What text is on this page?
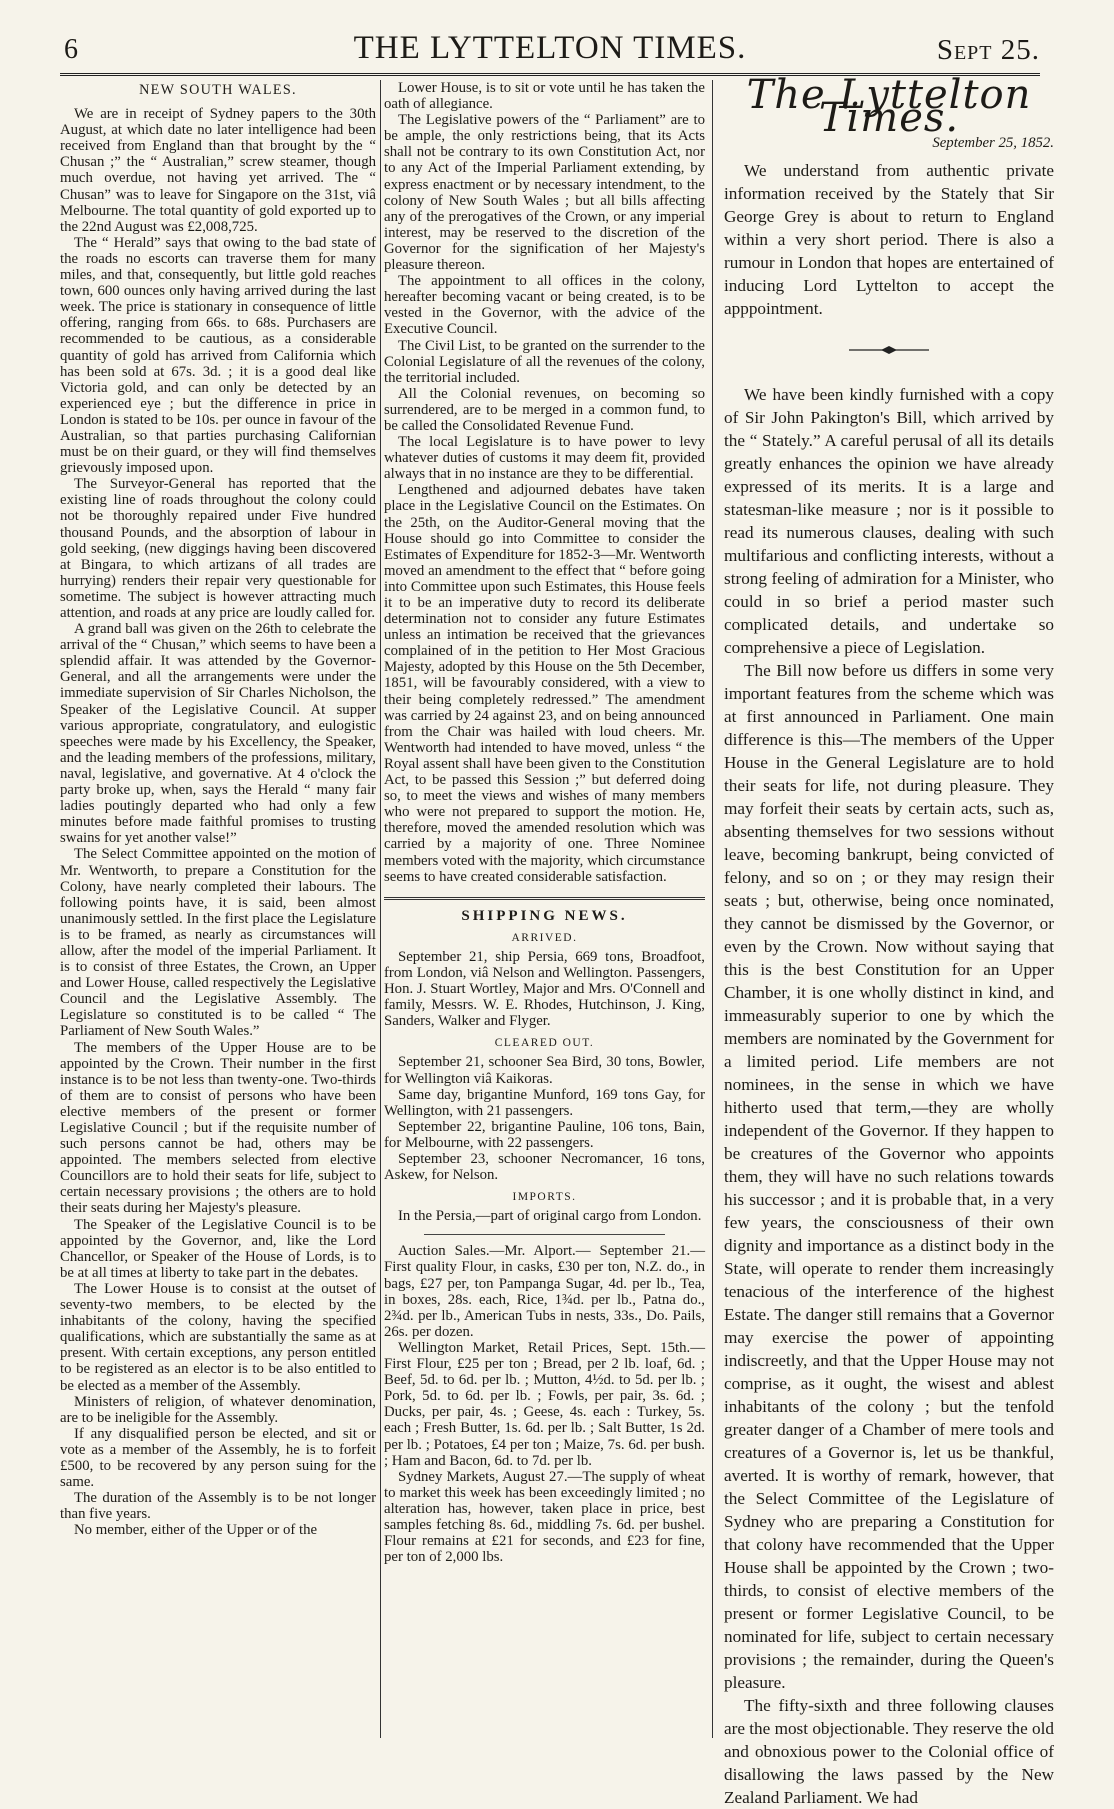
6	THE LYTTELTON TIMES.	Sept 25.
NEW SOUTH WALES.

We are in receipt of Sydney papers to the 30th August, at which date no later intelligence had been received from England than that brought by the “ Chusan ;” the “ Australian,” screw steamer, though much overdue, not having yet arrived. The “ Chusan” was to leave for Singapore on the 31st, viâ Melbourne. The total quantity of gold exported up to the 22nd August was £2,008,725.

The “ Herald” says that owing to the bad state of the roads no escorts can traverse them for many miles, and that, consequently, but little gold reaches town, 600 ounces only having arrived during the last week. The price is stationary in consequence of little offering, ranging from 66s. to 68s. Purchasers are recommended to be cautious, as a considerable quantity of gold has arrived from California which has been sold at 67s. 3d. ; it is a good deal like Victoria gold, and can only be detected by an experienced eye ; but the difference in price in London is stated to be 10s. per ounce in favour of the Australian, so that parties purchasing Californian must be on their guard, or they will find themselves grievously imposed upon.

The Surveyor-General has reported that the existing line of roads throughout the colony could not be thoroughly repaired under Five hundred thousand Pounds, and the absorption of labour in gold seeking, (new diggings having been discovered at Bingara, to which artizans of all trades are hurrying) renders their repair very questionable for sometime. The subject is however attracting much attention, and roads at any price are loudly called for.

A grand ball was given on the 26th to celebrate the arrival of the “ Chusan,” which seems to have been a splendid affair. It was attended by the Governor-General, and all the arrangements were under the immediate supervision of Sir Charles Nicholson, the Speaker of the Legislative Council. At supper various appropriate, congratulatory, and eulogistic speeches were made by his Excellency, the Speaker, and the leading members of the professions, military, naval, legislative, and governative. At 4 o'clock the party broke up, when, says the Herald “ many fair ladies poutingly departed who had only a few minutes before made faithful promises to trusting swains for yet another valse!”

The Select Committee appointed on the motion of Mr. Wentworth, to prepare a Constitution for the Colony, have nearly completed their labours. The following points have, it is said, been almost unanimously settled. In the first place the Legislature is to be framed, as nearly as circumstances will allow, after the model of the imperial Parliament. It is to consist of three Estates, the Crown, an Upper and Lower House, called respectively the Legislative Council and the Legislative Assembly. The Legislature so constituted is to be called “ The Parliament of New South Wales.”

The members of the Upper House are to be appointed by the Crown. Their number in the first instance is to be not less than twenty-one. Two-thirds of them are to consist of persons who have been elective members of the present or former Legislative Council ; but if the requisite number of such persons cannot be had, others may be appointed. The members selected from elective Councillors are to hold their seats for life, subject to certain necessary provisions ; the others are to hold their seats during her Majesty's pleasure.

The Speaker of the Legislative Council is to be appointed by the Governor, and, like the Lord Chancellor, or Speaker of the House of Lords, is to be at all times at liberty to take part in the debates.

The Lower House is to consist at the outset of seventy-two members, to be elected by the inhabitants of the colony, having the specified qualifications, which are substantially the same as at present. With certain exceptions, any person entitled to be registered as an elector is to be also entitled to be elected as a member of the Assembly.

Ministers of religion, of whatever denomination, are to be ineligible for the Assembly.

If any disqualified person be elected, and sit or vote as a member of the Assembly, he is to forfeit £500, to be recovered by any person suing for the same.

The duration of the Assembly is to be not longer than five years.

No member, either of the Upper or of the

Lower House, is to sit or vote until he has taken the oath of allegiance.

The Legislative powers of the “ Parliament” are to be ample, the only restrictions being, that its Acts shall not be contrary to its own Constitution Act, nor to any Act of the Imperial Parliament extending, by express enactment or by necessary intendment, to the colony of New South Wales ; but all bills affecting any of the prerogatives of the Crown, or any imperial interest, may be reserved to the discretion of the Governor for the signification of her Majesty's pleasure thereon.

The appointment to all offices in the colony, hereafter becoming vacant or being created, is to be vested in the Governor, with the advice of the Executive Council.

The Civil List, to be granted on the surrender to the Colonial Legislature of all the revenues of the colony, the territorial included.

All the Colonial revenues, on becoming so surrendered, are to be merged in a common fund, to be called the Consolidated Revenue Fund.

The local Legislature is to have power to levy whatever duties of customs it may deem fit, provided always that in no instance are they to be differential.

Lengthened and adjourned debates have taken place in the Legislative Council on the Estimates. On the 25th, on the Auditor-General moving that the House should go into Committee to consider the Estimates of Expenditure for 1852-3—Mr. Wentworth moved an amendment to the effect that “ before going into Committee upon such Estimates, this House feels it to be an imperative duty to record its deliberate determination not to consider any future Estimates unless an intimation be received that the grievances complained of in the petition to Her Most Gracious Majesty, adopted by this House on the 5th December, 1851, will be favourably considered, with a view to their being completely redressed.” The amendment was carried by 24 against 23, and on being announced from the Chair was hailed with loud cheers. Mr. Wentworth had intended to have moved, unless “ the Royal assent shall have been given to the Constitution Act, to be passed this Session ;” but deferred doing so, to meet the views and wishes of many members who were not prepared to support the motion. He, therefore, moved the amended resolution which was carried by a majority of one. Three Nominee members voted with the majority, which circumstance seems to have created considerable satisfaction.

SHIPPING NEWS.
ARRIVED.

September 21, ship Persia, 669 tons, Broadfoot, from London, viâ Nelson and Wellington. Passengers, Hon. J. Stuart Wortley, Major and Mrs. O'Connell and family, Messrs. W. E. Rhodes, Hutchinson, J. King, Sanders, Walker and Flyger.

CLEARED OUT.

September 21, schooner Sea Bird, 30 tons, Bowler, for Wellington viâ Kaikoras.

Same day, brigantine Munford, 169 tons Gay, for Wellington, with 21 passengers.

September 22, brigantine Pauline, 106 tons, Bain, for Melbourne, with 22 passengers.

September 23, schooner Necromancer, 16 tons, Askew, for Nelson.

IMPORTS.

In the Persia,—part of original cargo from London.

Auction Sales.—Mr. Alport.— September 21.—First quality Flour, in casks, £30 per ton, N.Z. do., in bags, £27 per, ton Pampanga Sugar, 4d. per lb., Tea, in boxes, 28s. each, Rice, 1¾d. per lb., Patna do., 2¾d. per lb., American Tubs in nests, 33s., Do. Pails, 26s. per dozen.

Wellington Market, Retail Prices, Sept. 15th.—First Flour, £25 per ton ; Bread, per 2 lb. loaf, 6d. ; Beef, 5d. to 6d. per lb. ; Mutton, 4½d. to 5d. per lb. ; Pork, 5d. to 6d. per lb. ; Fowls, per pair, 3s. 6d. ; Ducks, per pair, 4s. ; Geese, 4s. each : Turkey, 5s. each ; Fresh Butter, 1s. 6d. per lb. ; Salt Butter, 1s 2d. per lb. ; Potatoes, £4 per ton ; Maize, 7s. 6d. per bush. ; Ham and Bacon, 6d. to 7d. per lb.

Sydney Markets, August 27.—The supply of wheat to market this week has been exceedingly limited ; no alteration has, however, taken place in price, best samples fetching 8s. 6d., middling 7s. 6d. per bushel. Flour remains at £21 for seconds, and £23 for fine, per ton of 2,000 lbs.

The Lyttelton Times.
September 25, 1852.

We understand from authentic private information received by the Stately that Sir George Grey is about to return to England within a very short period. There is also a rumour in London that hopes are entertained of inducing Lord Lyttelton to accept the apppointment.

We have been kindly furnished with a copy of Sir John Pakington's Bill, which arrived by the “ Stately.” A careful perusal of all its details greatly enhances the opinion we have already expressed of its merits. It is a large and statesman-like measure ; nor is it possible to read its numerous clauses, dealing with such multifarious and conflicting interests, without a strong feeling of admiration for a Minister, who could in so brief a period master such complicated details, and undertake so comprehensive a piece of Legislation.

The Bill now before us differs in some very important features from the scheme which was at first announced in Parliament. One main difference is this—The members of the Upper House in the General Legislature are to hold their seats for life, not during pleasure. They may forfeit their seats by certain acts, such as, absenting themselves for two sessions without leave, becoming bankrupt, being convicted of felony, and so on ; or they may resign their seats ; but, otherwise, being once nominated, they cannot be dismissed by the Governor, or even by the Crown. Now without saying that this is the best Constitution for an Upper Chamber, it is one wholly distinct in kind, and immeasurably superior to one by which the members are nominated by the Government for a limited period. Life members are not nominees, in the sense in which we have hitherto used that term,—they are wholly independent of the Governor. If they happen to be creatures of the Governor who appoints them, they will have no such relations towards his successor ; and it is probable that, in a very few years, the consciousness of their own dignity and importance as a distinct body in the State, will operate to render them increasingly tenacious of the interference of the highest Estate. The danger still remains that a Governor may exercise the power of appointing indiscreetly, and that the Upper House may not comprise, as it ought, the wisest and ablest inhabitants of the colony ; but the tenfold greater danger of a Chamber of mere tools and creatures of a Governor is, let us be thankful, averted. It is worthy of remark, however, that the Select Committee of the Legislature of Sydney who are preparing a Constitution for that colony have recommended that the Upper House shall be appointed by the Crown ; two-thirds, to consist of elective members of the present or former Legislative Council, to be nominated for life, subject to certain necessary provisions ; the remainder, during the Queen's pleasure.

The fifty-sixth and three following clauses are the most objectionable. They reserve the old and obnoxious power to the Colonial office of disallowing the laws passed by the New Zealand Parliament. We had
